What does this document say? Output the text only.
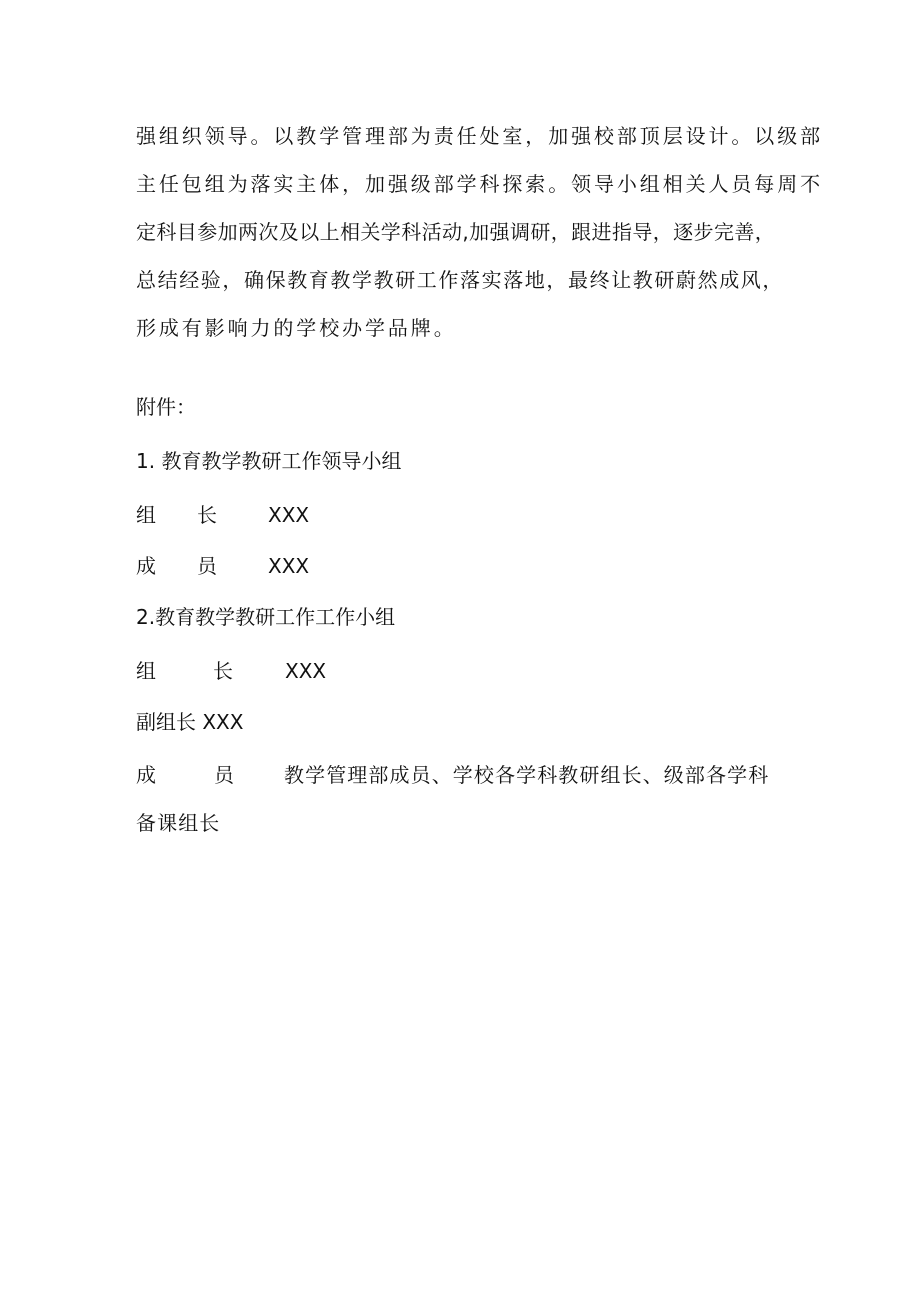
强组织领导。以教学管理部为责任处室，加强校部顶层设计。以级部
主任包组为落实主体，加强级部学科探索。领导小组相关人员每周不
定科目参加两次及以上相关学科活动,加强调研，跟进指导，逐步完善，
总结经验，确保教育教学教研工作落实落地，最终让教研蔚然成风，
形成有影响力的学校办学品牌。
附件：
1. 教育教学教研工作领导小组
组 长	XXX
成 员	XXX
2.教育教学教研工作工作小组
组	长	XXX
副组长 XXX
成	员 教学管理部成员、学校各学科教研组长、级部各学科
备课组长
